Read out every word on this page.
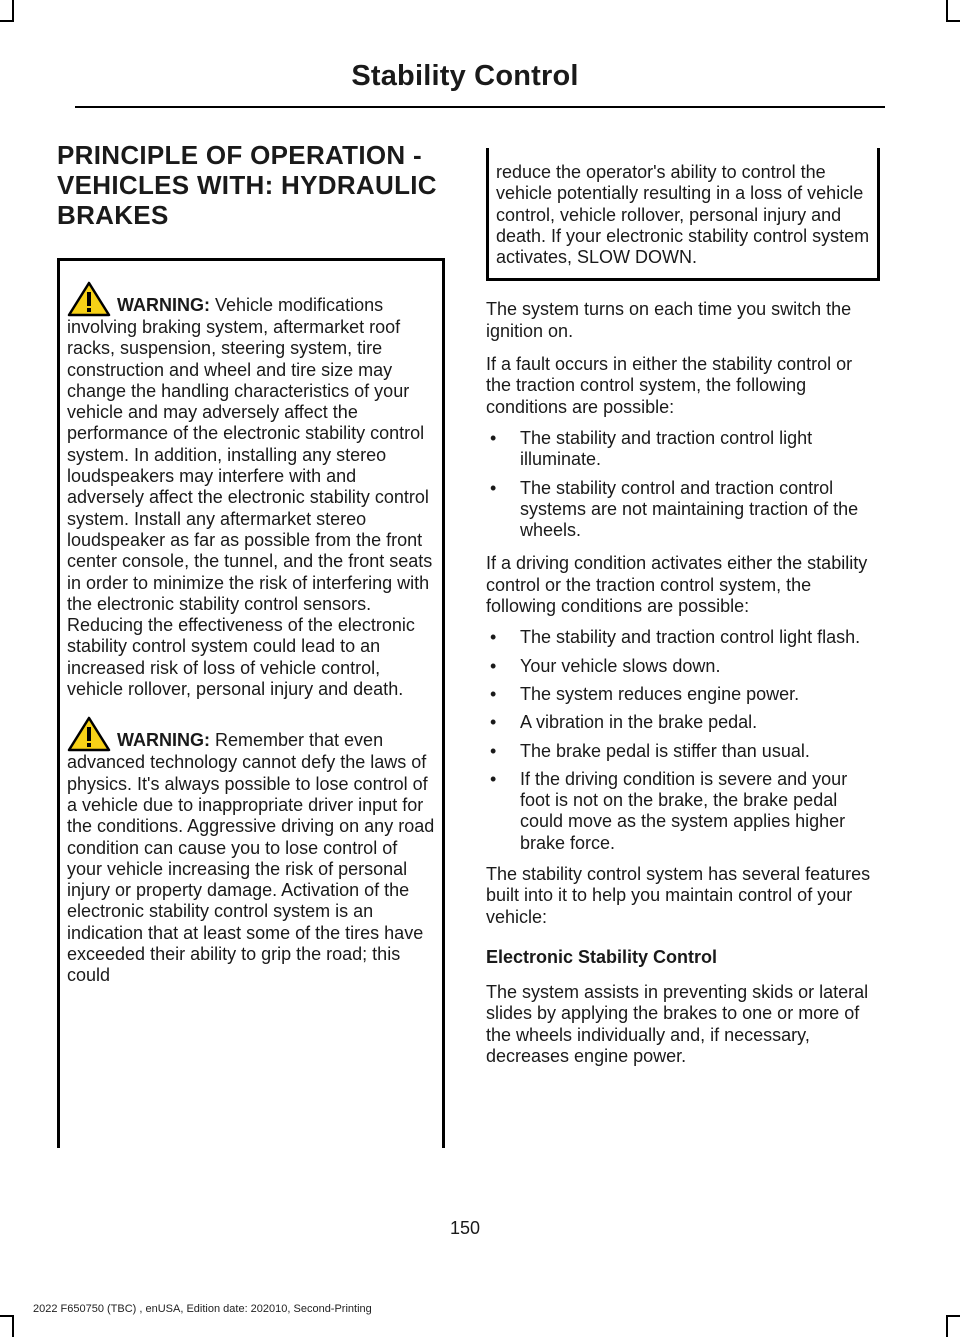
Stability Control
PRINCIPLE OF OPERATION -
VEHICLES WITH: HYDRAULIC
BRAKES

WARNING: Vehicle modifications involving braking system, aftermarket roof racks, suspension, steering system, tire construction and wheel and tire size may change the handling characteristics of your vehicle and may adversely affect the performance of the electronic stability control system. In addition, installing any stereo loudspeakers may interfere with and adversely affect the electronic stability control system. Install any aftermarket stereo loudspeaker as far as possible from the front center console, the tunnel, and the front seats in order to minimize the risk of interfering with the electronic stability control sensors. Reducing the effectiveness of the electronic stability control system could lead to an increased risk of loss of vehicle control, vehicle rollover, personal injury and death.

WARNING: Remember that even advanced technology cannot defy the laws of physics. It's always possible to lose control of a vehicle due to inappropriate driver input for the conditions. Aggressive driving on any road condition can cause you to lose control of your vehicle increasing the risk of personal injury or property damage. Activation of the electronic stability control system is an indication that at least some of the tires have exceeded their ability to grip the road; this could

reduce the operator's ability to control the vehicle potentially resulting in a loss of vehicle control, vehicle rollover, personal injury and death. If your electronic stability control system activates, SLOW DOWN.

The system turns on each time you switch the ignition on.

If a fault occurs in either the stability control or the traction control system, the following conditions are possible:

• The stability and traction control light illuminate.
• The stability control and traction control systems are not maintaining traction of the wheels.

If a driving condition activates either the stability control or the traction control system, the following conditions are possible:

• The stability and traction control light flash.
• Your vehicle slows down.
• The system reduces engine power.
• A vibration in the brake pedal.
• The brake pedal is stiffer than usual.
• If the driving condition is severe and your foot is not on the brake, the brake pedal could move as the system applies higher brake force.

The stability control system has several features built into it to help you maintain control of your vehicle:

Electronic Stability Control

The system assists in preventing skids or lateral slides by applying the brakes to one or more of the wheels individually and, if necessary, decreases engine power.

150
2022 F650750 (TBC) , enUSA, Edition date: 202010, Second-Printing
